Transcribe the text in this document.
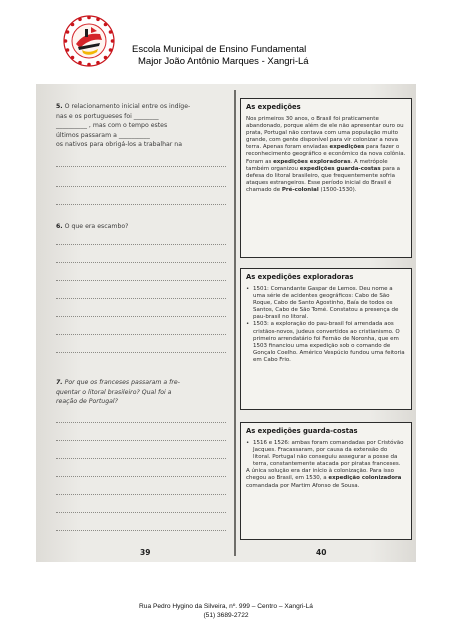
Escola Municipal de Ensino Fundamental
Major João Antônio Marques - Xangri-Lá
5. O relacionamento inicial entre os indíge-
nas e os portugueses foi ________
__________ , mas com o tempo estes
últimos passaram a __________
os nativos para obrigá-los a trabalhar na
6. O que era escambo?
7. Por que os franceses passaram a fre-
quentar o litoral brasileiro? Qual foi a
reação de Portugal?
39
As expedições

Nos primeiros 30 anos, o Brasil foi praticamente abandonado, porque além de ele não apresentar ouro ou prata, Portugal não contava com uma população muito grande, com gente disponível para vir colonizar a nova terra. Apenas foram enviadas expedições para fazer o reconhecimento geográfico e econômico da nova colônia. Foram as expedições exploradoras. A metrópole também organizou expedições guarda-costas para a defesa do litoral brasileiro, que frequentemente sofria ataques estrangeiros. Esse período inicial do Brasil é chamado de Pré-colonial (1500-1530).

As expedições exploradoras
• 1501: Comandante Gaspar de Lemos. Deu nome a uma série de acidentes geográficos: Cabo de São Roque, Cabo de Santo Agostinho, Baía de todos os Santos, Cabo de São Tomé. Constatou a presença de pau-brasil no litoral.
• 1503: a exploração do pau-brasil foi arrendada aos cristãos-novos, judeus convertidos ao cristianismo. O primeiro arrendatário foi Fernão de Noronha, que em 1503 financiou uma expedição sob o comando de Gonçalo Coelho. Américo Vespúcio fundou uma feitoria em Cabo Frio.
As expedições guarda-costas
• 1516 e 1526: ambas foram comandadas por Cristóvão Jacques. Fracassaram, por causa da extensão do litoral. Portugal não conseguiu assegurar a posse da terra, constantemente atacada por piratas franceses.

A única solução era dar início à colonização. Para isso chegou ao Brasil, em 1530, a expedição colonizadora comandada por Martim Afonso de Sousa.

40
Rua Pedro Hygino da Silveira, nº. 999 – Centro – Xangri-Lá
(51) 3689-2722
